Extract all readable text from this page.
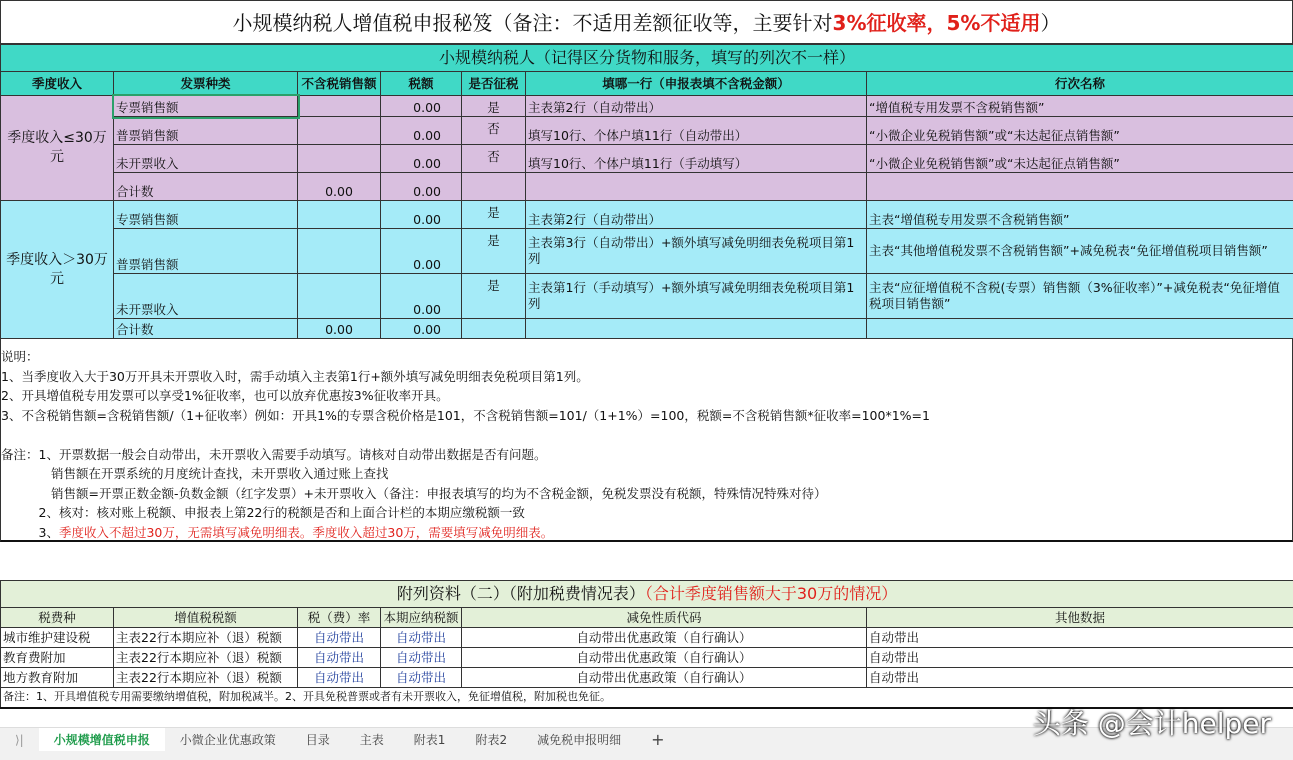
小规模纳税人增值税申报秘笈（备注：不适用差额征收等，主要针对3%征收率，5%不适用）
小规模纳税人（记得区分货物和服务，填写的列次不一样）						
季度收入	发票种类	不含税销售额	税额	是否征税	填哪一行（申报表填不含税金额）	行次名称
季度收入≤30万元	专票销售额		0.00	是	主表第2行（自动带出）	“增值税专用发票不含税销售额”
	普票销售额		0.00	否	填写10行、个体户填11行（自动带出）	“小微企业免税销售额”或“未达起征点销售额”
	未开票收入		0.00	否	填写10行、个体户填11行（手动填写）	“小微企业免税销售额”或“未达起征点销售额”
	合计数	0.00	0.00			
季度收入＞30万元	专票销售额		0.00	是	主表第2行（自动带出）	主表“增值税专用发票不含税销售额”
	普票销售额		0.00	是	主表第3行（自动带出）+额外填写减免明细表免税项目第1列	主表“其他增值税发票不含税销售额”+减免税表“免征增值税项目销售额”
	未开票收入		0.00	是	主表第1行（手动填写）+额外填写减免明细表免税项目第1列	主表“应征增值税不含税(专票）销售额（3%征收率）”+减免税表“免征增值税项目销售额”
	合计数	0.00	0.00			
说明：
1、当季度收入大于30万开具未开票收入时，需手动填入主表第1行+额外填写减免明细表免税项目第1列。
2、开具增值税专用发票可以享受1%征收率，也可以放弃优惠按3%征收率开具。
3、不含税销售额=含税销售额/（1+征收率）例如：开具1%的专票含税价格是101，不含税销售额=101/（1+1%）=100，税额=不含税销售额*征收率=100*1%=1
备注：1、开票数据一般会自动带出，未开票收入需要手动填写。请核对自动带出数据是否有问题。
　　　　销售额在开票系统的月度统计查找，未开票收入通过账上查找
　　　　销售额=开票正数金额-负数金额（红字发票）+未开票收入（备注：申报表填写的均为不含税金额，免税发票没有税额，特殊情况特殊对待）
　　　2、核对：核对账上税额、申报表上第22行的税额是否和上面合计栏的本期应缴税额一致
　　　3、季度收入不超过30万，无需填写减免明细表。季度收入超过30万，需要填写减免明细表。
附列资料（二）（附加税费情况表）（合计季度销售额大于30万的情况）					
税费种	增值税税额	税（费）率	本期应纳税额	减免性质代码	其他数据
城市维护建设税	主表22行本期应补（退）税额	自动带出	自动带出	自动带出优惠政策（自行确认）	自动带出
教育费附加	主表22行本期应补（退）税额	自动带出	自动带出	自动带出优惠政策（自行确认）	自动带出
地方教育附加	主表22行本期应补（退）税额	自动带出	自动带出	自动带出优惠政策（自行确认）	自动带出
备注：1、开具增值税专用需要缴纳增值税，附加税减半。2、开具免税普票或者有未开票收入，免征增值税，附加税也免征。					
⟩|	小规模增值税申报	小微企业优惠政策	目录	主表	附表1	附表2	减免税申报明细	+	头条 @会计helper
